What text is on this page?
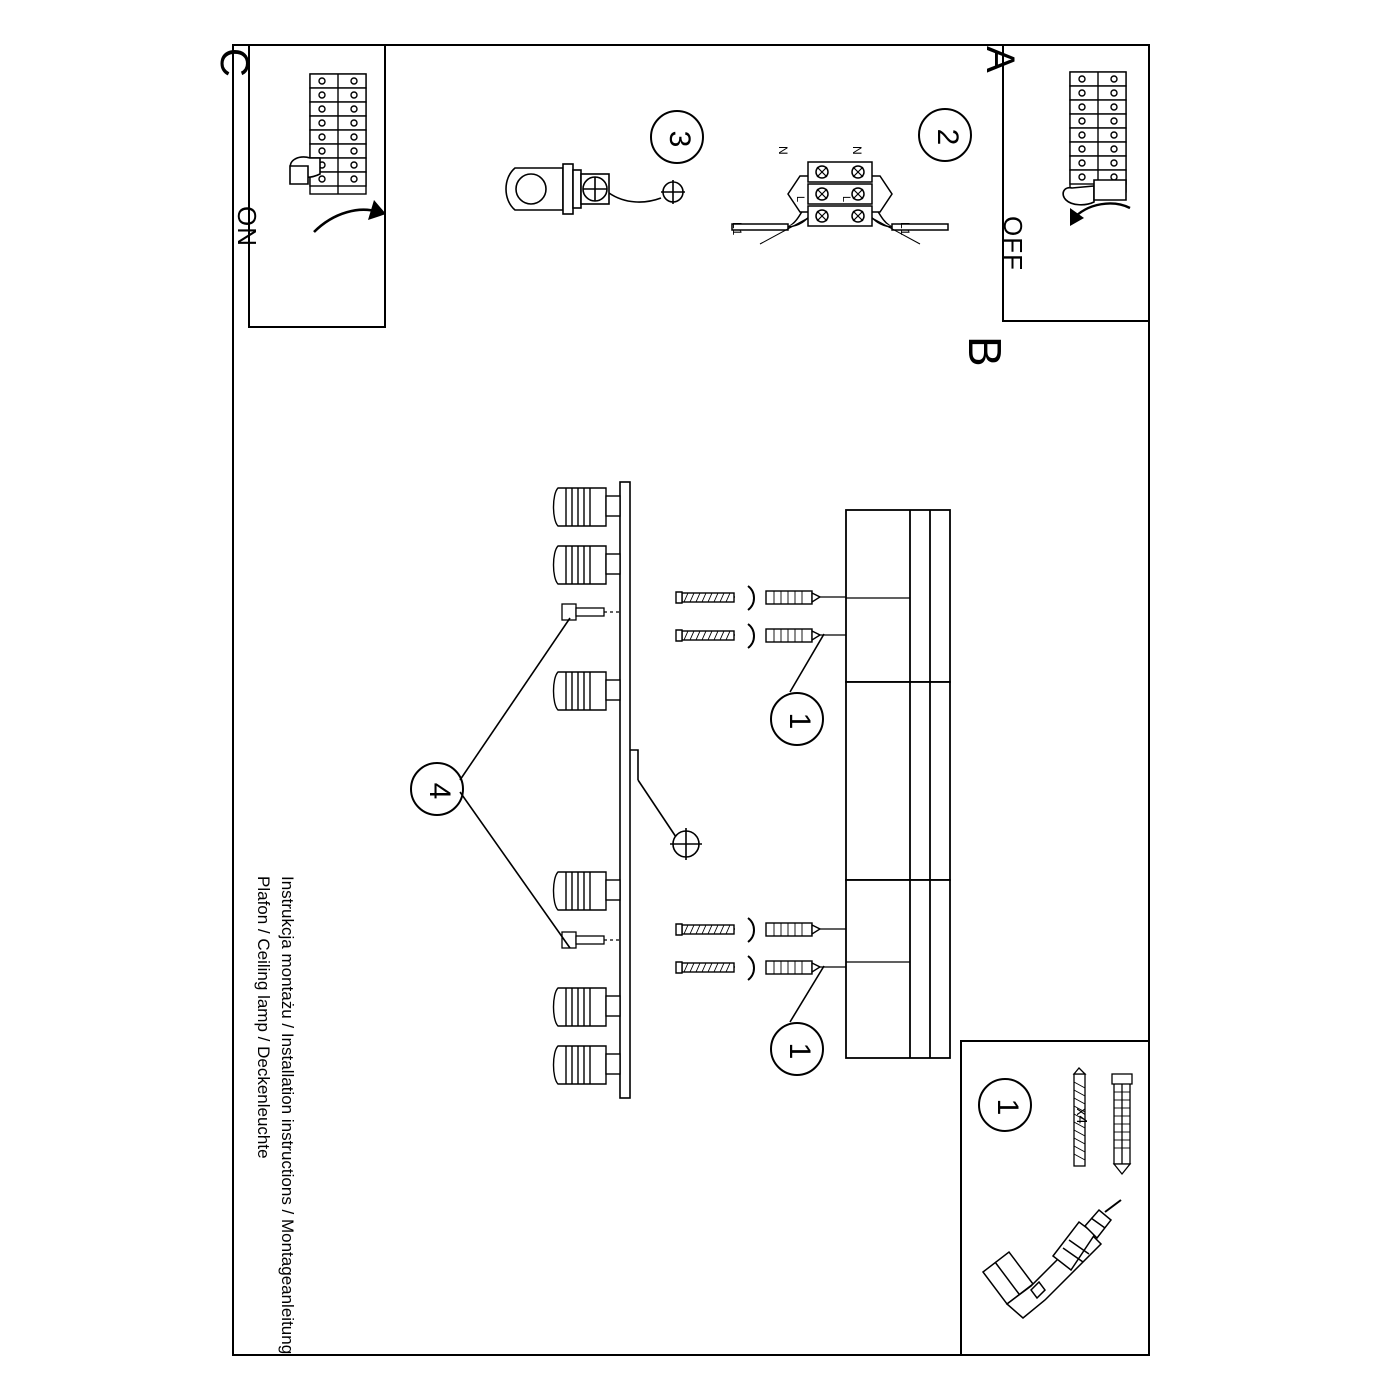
A
OFF
C
ON
B
3	2
N	N
L	L
L1	L1
4
1
1
1
x4
Instrukcja montażu / Installation instructions / Montageanleitung
Plafon / Ceiling lamp / Deckenleuchte
